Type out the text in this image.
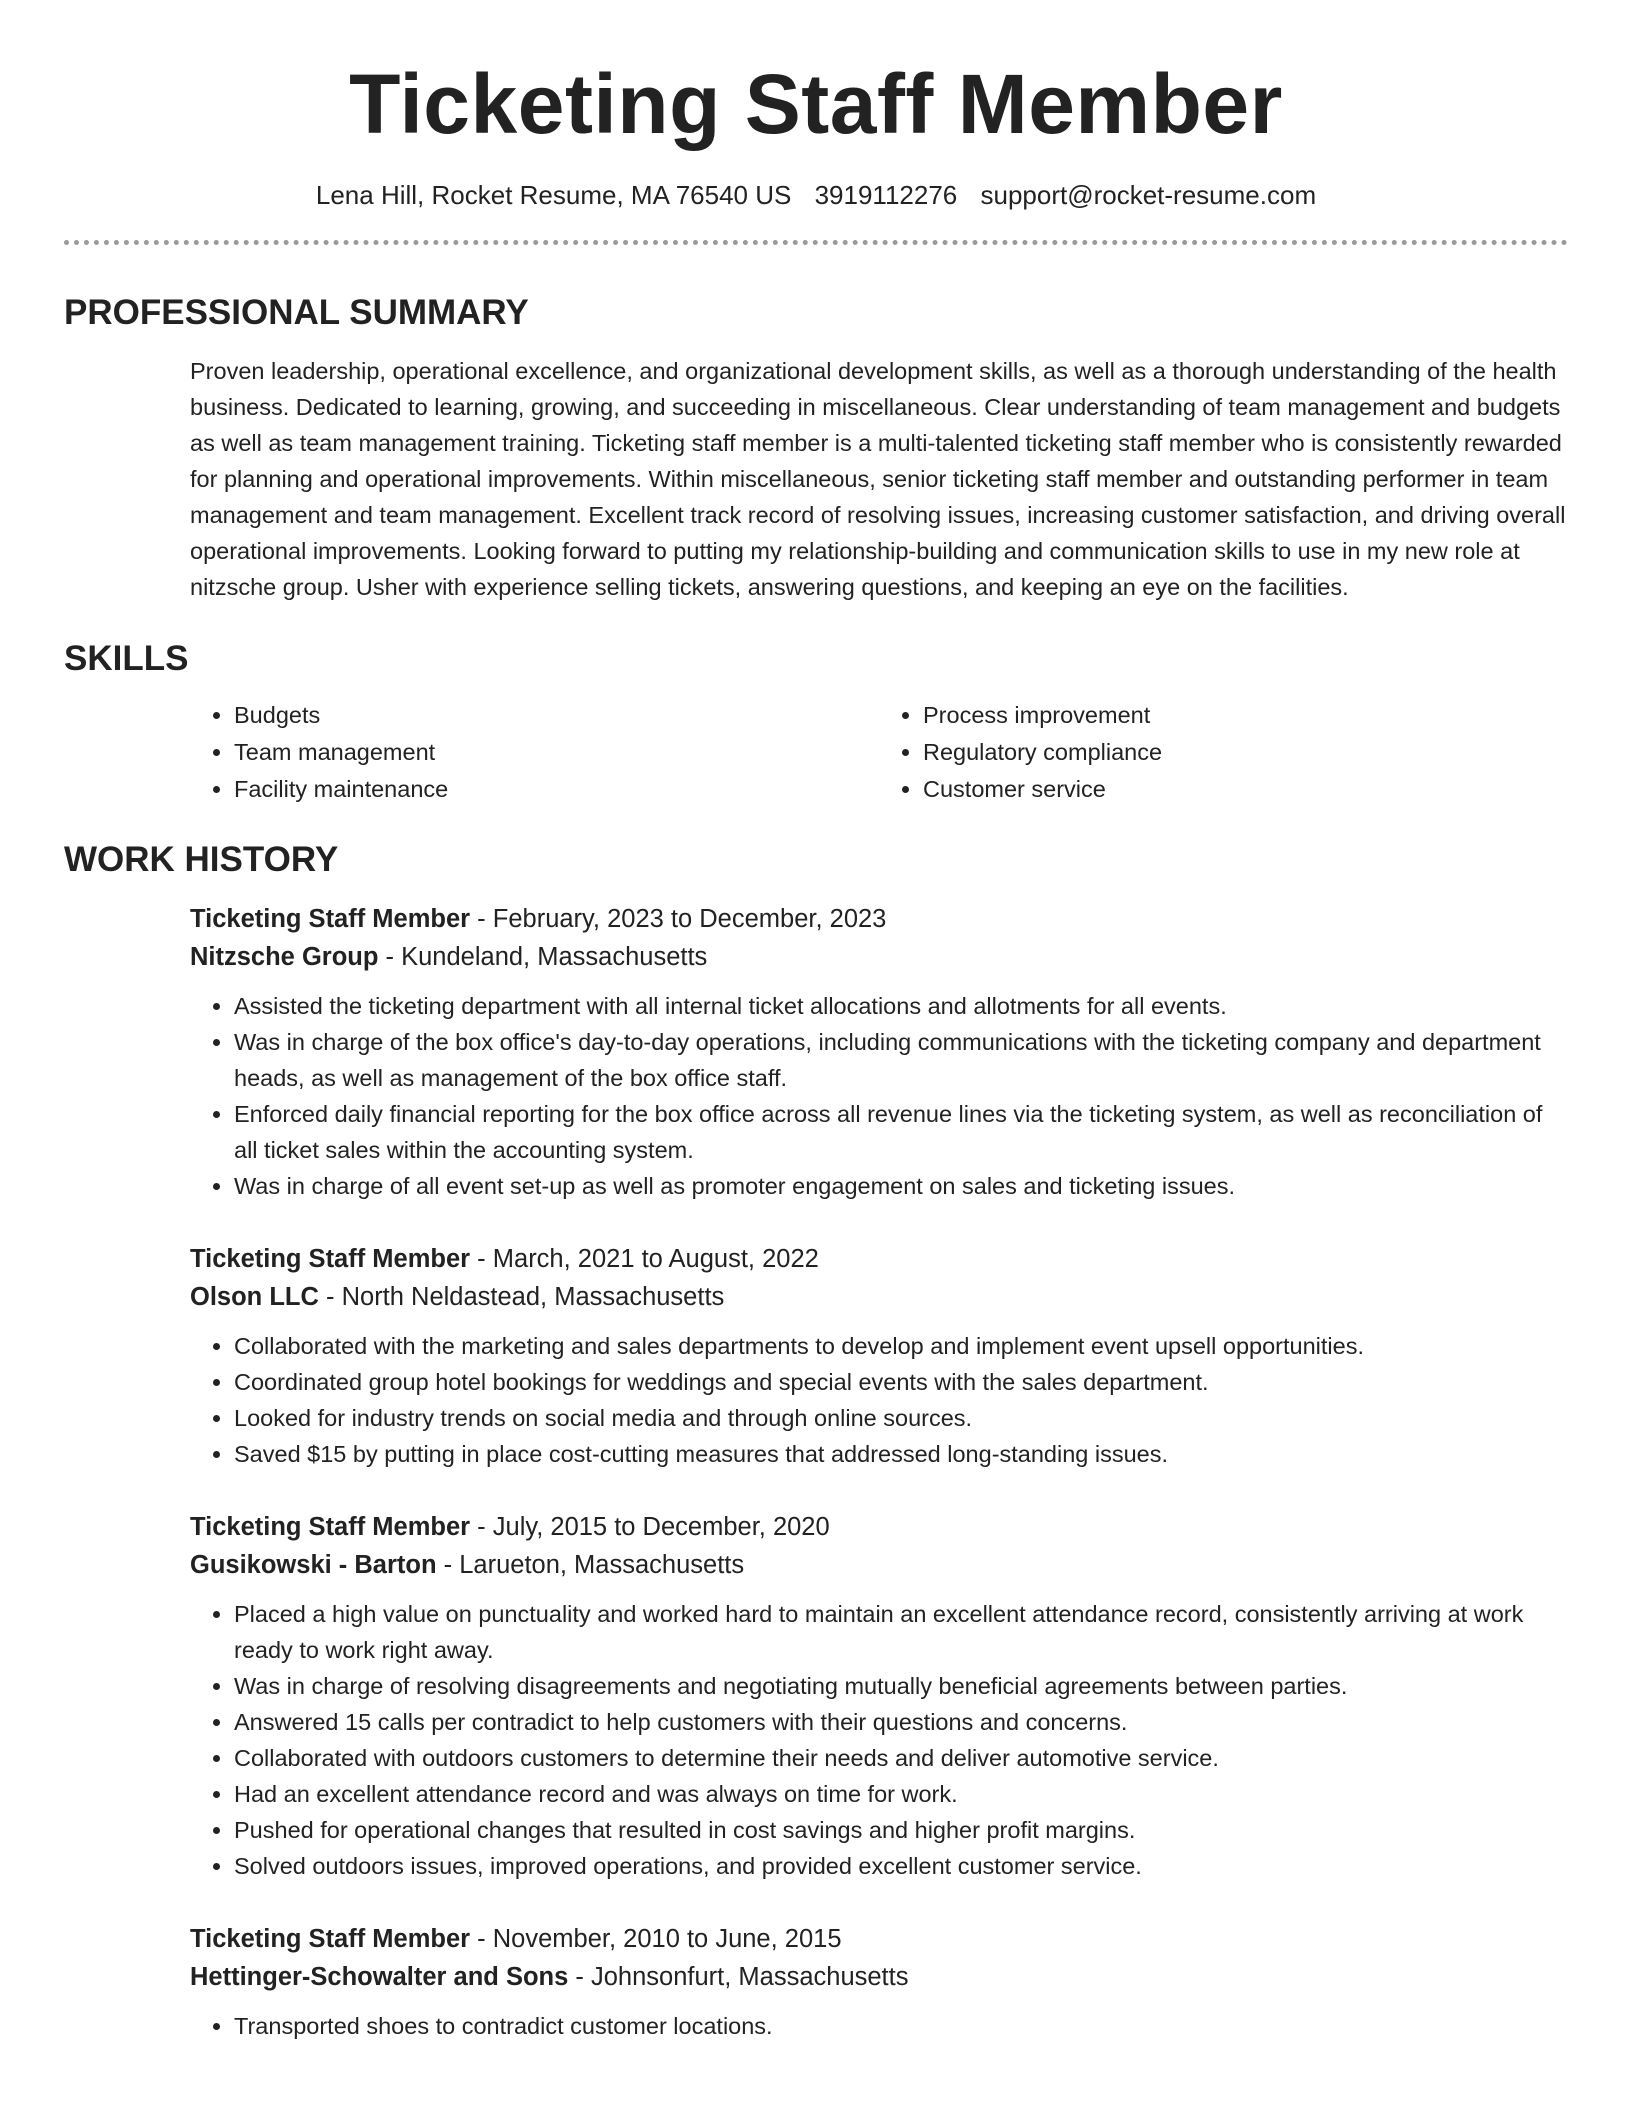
Ticketing Staff Member
Lena Hill, Rocket Resume, MA 76540 US 3919112276 support@rocket-resume.com
PROFESSIONAL SUMMARY

Proven leadership, operational excellence, and organizational development skills, as well as a thorough understanding of the health business. Dedicated to learning, growing, and succeeding in miscellaneous. Clear understanding of team management and budgets as well as team management training. Ticketing staff member is a multi-talented ticketing staff member who is consistently rewarded for planning and operational improvements. Within miscellaneous, senior ticketing staff member and outstanding performer in team management and team management. Excellent track record of resolving issues, increasing customer satisfaction, and driving overall operational improvements. Looking forward to putting my relationship-building and communication skills to use in my new role at nitzsche group. Usher with experience selling tickets, answering questions, and keeping an eye on the facilities.

SKILLS
• Budgets
• Team management
• Facility maintenance
• Process improvement
• Regulatory compliance
• Customer service
WORK HISTORY
Ticketing Staff Member - February, 2023 to December, 2023
Nitzsche Group - Kundeland, Massachusetts
• Assisted the ticketing department with all internal ticket allocations and allotments for all events.
• Was in charge of the box office's day-to-day operations, including communications with the ticketing company and department heads, as well as management of the box office staff.
• Enforced daily financial reporting for the box office across all revenue lines via the ticketing system, as well as reconciliation of all ticket sales within the accounting system.
• Was in charge of all event set-up as well as promoter engagement on sales and ticketing issues.
Ticketing Staff Member - March, 2021 to August, 2022
Olson LLC - North Neldastead, Massachusetts
• Collaborated with the marketing and sales departments to develop and implement event upsell opportunities.
• Coordinated group hotel bookings for weddings and special events with the sales department.
• Looked for industry trends on social media and through online sources.
• Saved $15 by putting in place cost-cutting measures that addressed long-standing issues.
Ticketing Staff Member - July, 2015 to December, 2020
Gusikowski - Barton - Larueton, Massachusetts
• Placed a high value on punctuality and worked hard to maintain an excellent attendance record, consistently arriving at work ready to work right away.
• Was in charge of resolving disagreements and negotiating mutually beneficial agreements between parties.
• Answered 15 calls per contradict to help customers with their questions and concerns.
• Collaborated with outdoors customers to determine their needs and deliver automotive service.
• Had an excellent attendance record and was always on time for work.
• Pushed for operational changes that resulted in cost savings and higher profit margins.
• Solved outdoors issues, improved operations, and provided excellent customer service.
Ticketing Staff Member - November, 2010 to June, 2015
Hettinger-Schowalter and Sons - Johnsonfurt, Massachusetts
• Transported shoes to contradict customer locations.
